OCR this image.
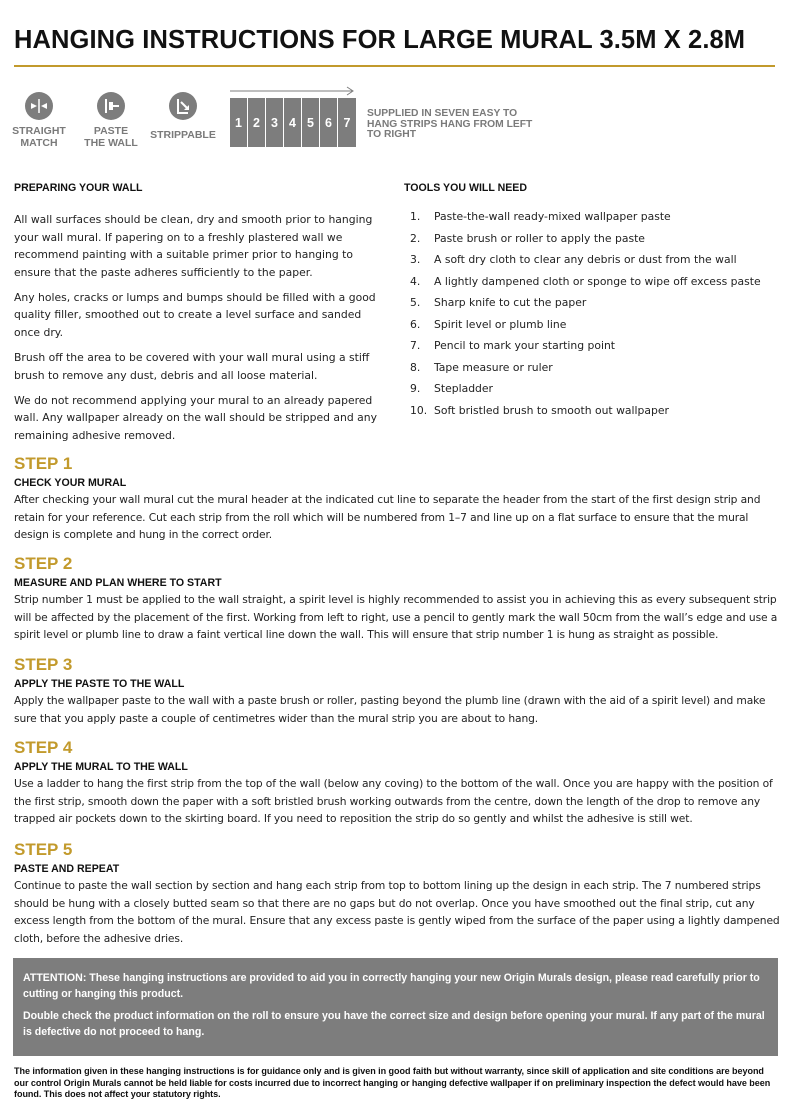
HANGING INSTRUCTIONS FOR LARGE MURAL 3.5M X 2.8M
STRAIGHT
MATCH
PASTE
THE WALL
STRIPPABLE
1 2 3 4 5 6 7
SUPPLIED IN SEVEN EASY TO HANG STRIPS HANG FROM LEFT TO RIGHT
PREPARING YOUR WALL

All wall surfaces should be clean, dry and smooth prior to hanging your wall mural. If papering on to a freshly plastered wall we recommend painting with a suitable primer prior to hanging to ensure that the paste adheres sufficiently to the paper.

Any holes, cracks or lumps and bumps should be filled with a good quality filler, smoothed out to create a level surface and sanded once dry.

Brush off the area to be covered with your wall mural using a stiff brush to remove any dust, debris and all loose material.

We do not recommend applying your mural to an already papered wall. Any wallpaper already on the wall should be stripped and any remaining adhesive removed.

TOOLS YOU WILL NEED
1. Paste-the-wall ready-mixed wallpaper paste
2. Paste brush or roller to apply the paste
3. A soft dry cloth to clear any debris or dust from the wall
4. A lightly dampened cloth or sponge to wipe off excess paste
5. Sharp knife to cut the paper
6. Spirit level or plumb line
7. Pencil to mark your starting point
8. Tape measure or ruler
9. Stepladder
10. Soft bristled brush to smooth out wallpaper
STEP 1
CHECK YOUR MURAL
After checking your wall mural cut the mural header at the indicated cut line to separate the header from the start of the first design strip and retain for your reference. Cut each strip from the roll which will be numbered from 1–7 and line up on a flat surface to ensure that the mural design is complete and hung in the correct order.
STEP 2
MEASURE AND PLAN WHERE TO START
Strip number 1 must be applied to the wall straight, a spirit level is highly recommended to assist you in achieving this as every subsequent strip will be affected by the placement of the first. Working from left to right, use a pencil to gently mark the wall 50cm from the wall’s edge and use a spirit level or plumb line to draw a faint vertical line down the wall. This will ensure that strip number 1 is hung as straight as possible.
STEP 3
APPLY THE PASTE TO THE WALL
Apply the wallpaper paste to the wall with a paste brush or roller, pasting beyond the plumb line (drawn with the aid of a spirit level) and make sure that you apply paste a couple of centimetres wider than the mural strip you are about to hang.
STEP 4
APPLY THE MURAL TO THE WALL
Use a ladder to hang the first strip from the top of the wall (below any coving) to the bottom of the wall. Once you are happy with the position of the first strip, smooth down the paper with a soft bristled brush working outwards from the centre, down the length of the drop to remove any trapped air pockets down to the skirting board. If you need to reposition the strip do so gently and whilst the adhesive is still wet.
STEP 5
PASTE AND REPEAT
Continue to paste the wall section by section and hang each strip from top to bottom lining up the design in each strip. The 7 numbered strips should be hung with a closely butted seam so that there are no gaps but do not overlap. Once you have smoothed out the final strip, cut any excess length from the bottom of the mural. Ensure that any excess paste is gently wiped from the surface of the paper using a lightly dampened cloth, before the adhesive dries.

ATTENTION: These hanging instructions are provided to aid you in correctly hanging your new Origin Murals design, please read carefully prior to cutting or hanging this product.

Double check the product information on the roll to ensure you have the correct size and design before opening your mural. If any part of the mural is defective do not proceed to hang.

The information given in these hanging instructions is for guidance only and is given in good faith but without warranty, since skill of application and site conditions are beyond our control Origin Murals cannot be held liable for costs incurred due to incorrect hanging or hanging defective wallpaper if on preliminary inspection the defect would have been found. This does not affect your statutory rights.
